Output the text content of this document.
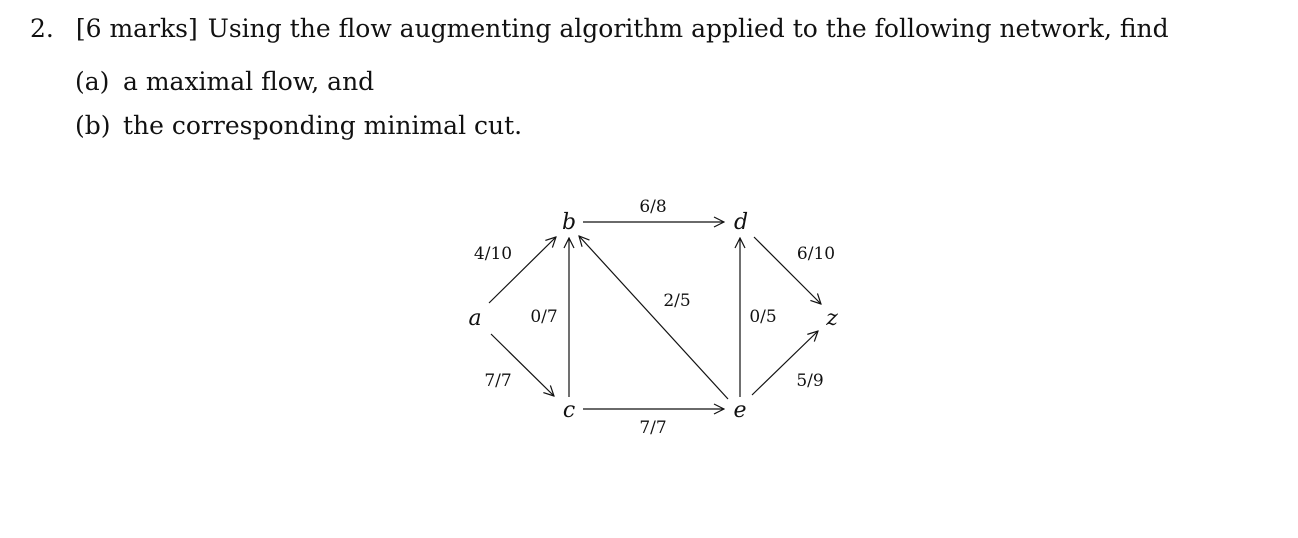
2. [6 marks] Using the flow augmenting algorithm applied to the following network, find
(a) a maximal flow, and
(b) the corresponding minimal cut.
a
b
c
d
e
z
4/10
7/7
0/7
6/8
2/5
7/7
0/5
6/10
5/9
